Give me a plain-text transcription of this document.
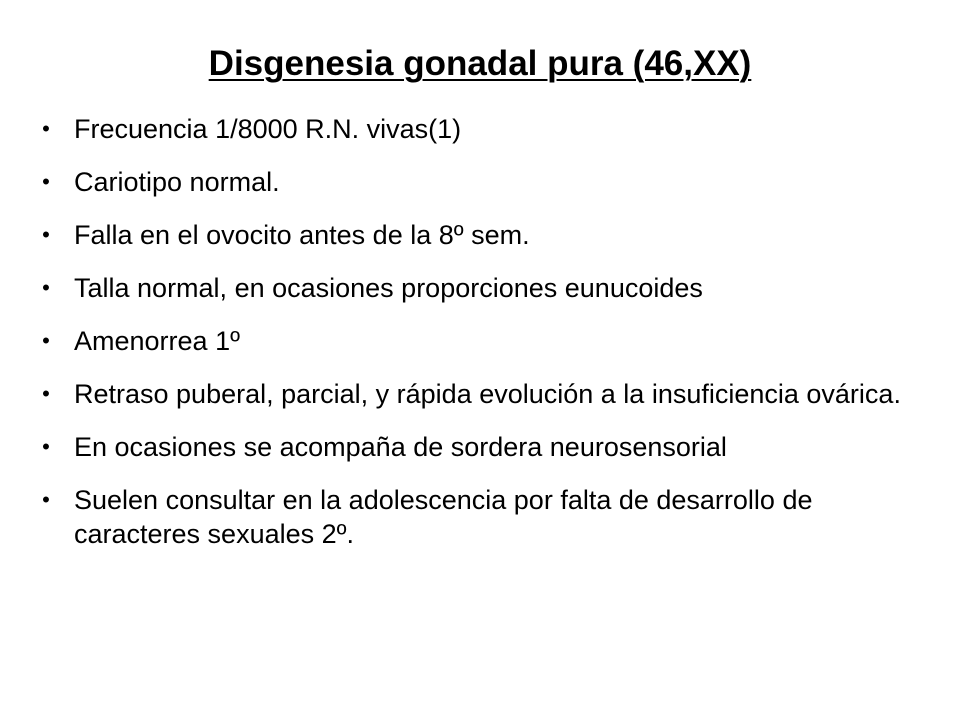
Disgenesia gonadal pura (46,XX)
• Frecuencia 1/8000 R.N. vivas(1)
• Cariotipo normal.
• Falla en el ovocito antes de la 8º sem.
• Talla normal, en ocasiones proporciones eunucoides
• Amenorrea 1º
• Retraso puberal, parcial, y rápida evolución a la insuficiencia ovárica.
• En ocasiones se acompaña de sordera neurosensorial
• Suelen consultar en la adolescencia por falta de desarrollo de caracteres sexuales 2º.
